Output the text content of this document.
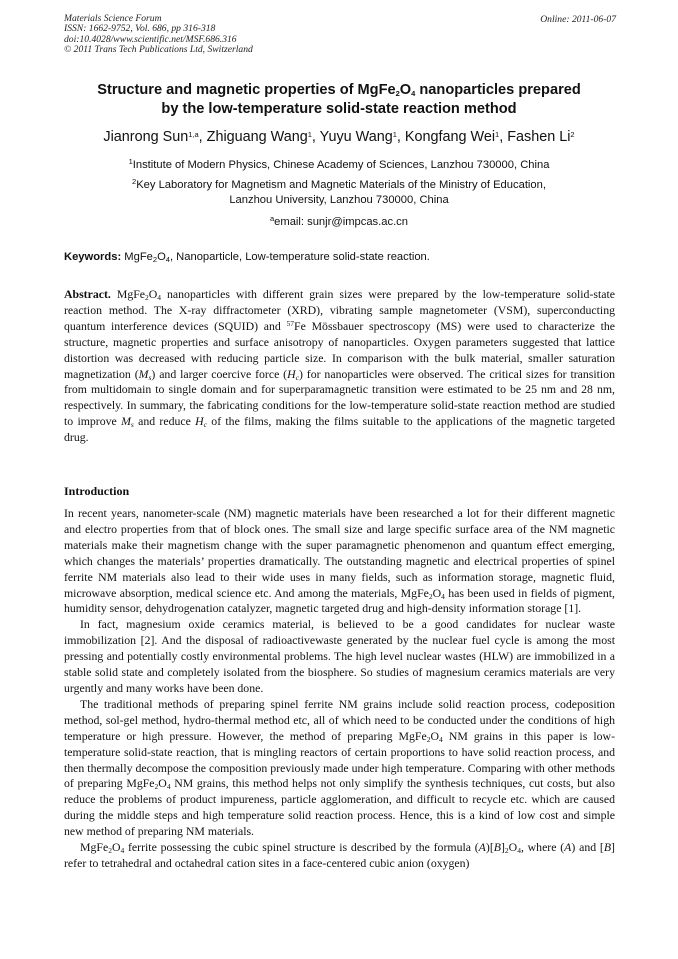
Materials Science Forum
ISSN: 1662-9752, Vol. 686, pp 316-318
doi:10.4028/www.scientific.net/MSF.686.316
© 2011 Trans Tech Publications Ltd, Switzerland
Online: 2011-06-07
Structure and magnetic properties of $MgFe_2O_4$ nanoparticles prepared
by the low-temperature solid-state reaction method
Jianrong Sun$^{1,a}$, Zhiguang Wang$^1$, Yuyu Wang$^1$, Kongfang Wei$^1$, Fashen Li$^2$
$^1$Institute of Modern Physics, Chinese Academy of Sciences, Lanzhou 730000, China
$^2$Key Laboratory for Magnetism and Magnetic Materials of the Ministry of Education,
Lanzhou University, Lanzhou 730000, China
$^a$email: sunjr@impcas.ac.cn
Keywords: $MgFe_2O_4$, Nanoparticle, Low-temperature solid-state reaction.
Abstract. $MgFe_2O_4$ nanoparticles with different grain sizes were prepared by the low-temperature solid-state reaction method. The X-ray diffractometer (XRD), vibrating sample magnetometer (VSM), superconducting quantum interference devices (SQUID) and $^{57}$Fe Mössbauer spectroscopy (MS) were used to characterize the structure, magnetic properties and surface anisotropy of nanoparticles. Oxygen parameters suggested that lattice distortion was decreased with reducing particle size. In comparison with the bulk material, smaller saturation magnetization $(M_s)$ and larger coercive force $(H_c)$ for nanoparticles were observed. The critical sizes for transition from multidomain to single domain and for superparamagnetic transition were estimated to be 25 nm and 28 nm, respectively. In summary, the fabricating conditions for the low-temperature solid-state reaction method are studied to improve $M_s$ and reduce $H_c$ of the films, making the films suitable to the applications of the magnetic targeted drug.
Introduction

In recent years, nanometer-scale (NM) magnetic materials have been researched a lot for their different magnetic and electro properties from that of block ones. The small size and large specific surface area of the NM magnetic materials make their magnetism change with the super paramagnetic phenomenon and quantum effect emerging, which changes the materials’ properties dramatically. The outstanding magnetic and electrical properties of spinel ferrite NM materials also lead to their wide uses in many fields, such as information storage, magnetic fluid, microwave absorption, medical science etc. And among the materials, $MgFe_2O_4$ has been used in fields of pigment, humidity sensor, dehydrogenation catalyzer, magnetic targeted drug and high-density information storage [1].

In fact, magnesium oxide ceramics material, is believed to be a good candidates for nuclear waste immobilization [2]. And the disposal of radioactivewaste generated by the nuclear fuel cycle is among the most pressing and potentially costly environmental problems. The high level nuclear wastes (HLW) are immobilized in a stable solid state and completely isolated from the biosphere. So studies of magnesium ceramics materials are very urgently and many works have been done.

The traditional methods of preparing spinel ferrite NM grains include solid reaction process, codeposition method, sol-gel method, hydro-thermal method etc, all of which need to be conducted under the conditions of high temperature or high pressure. However, the method of preparing $MgFe_2O_4$ NM grains in this paper is low-temperature solid-state reaction, that is mingling reactors of certain proportions to have solid reaction process, and then thermally decompose the composition previously made under high temperature. Comparing with other methods of preparing $MgFe_2O_4$ NM grains, this method helps not only simplify the synthesis techniques, cut costs, but also reduce the problems of product impureness, particle agglomeration, and difficult to recycle etc. which are caused during the middle steps and high temperature solid reaction process. Hence, this is a kind of low cost and simple new method of preparing NM materials.

$MgFe_2O_4$ ferrite possessing the cubic spinel structure is described by the formula $(A)[B]_2O_4$, where (A) and [B] refer to tetrahedral and octahedral cation sites in a face-centered cubic anion (oxygen)
